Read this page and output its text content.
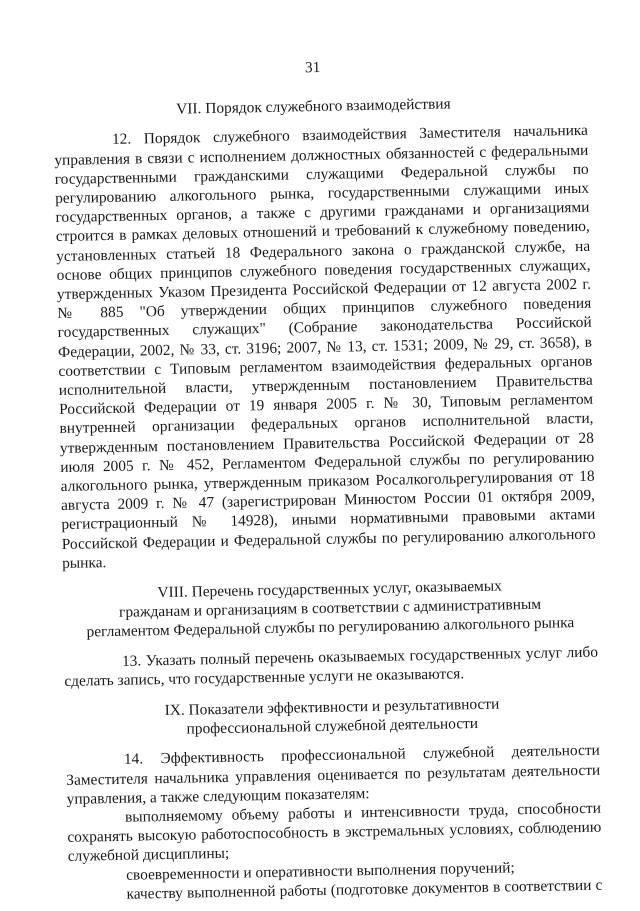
31
VII. Порядок служебного взаимодействия
12. Порядок служебного взаимодействия Заместителя начальника
управления в связи с исполнением должностных обязанностей с федеральными
государственными гражданскими служащими Федеральной службы по
регулированию алкогольного рынка, государственными служащими иных
государственных органов, а также с другими гражданами и организациями
строится в рамках деловых отношений и требований к служебному поведению,
установленных статьей 18 Федерального закона о гражданской службе, на
основе общих принципов служебного поведения государственных служащих,
утвержденных Указом Президента Российской Федерации от 12 августа 2002 г.
№ 885 "Об утверждении общих принципов служебного поведения
государственных служащих" (Собрание законодательства Российской
Федерации, 2002, № 33, ст. 3196; 2007, № 13, ст. 1531; 2009, № 29, ст. 3658), в
соответствии с Типовым регламентом взаимодействия федеральных органов
исполнительной власти, утвержденным постановлением Правительства
Российской Федерации от 19 января 2005 г. № 30, Типовым регламентом
внутренней организации федеральных органов исполнительной власти,
утвержденным постановлением Правительства Российской Федерации от 28
июля 2005 г. № 452, Регламентом Федеральной службы по регулированию
алкогольного рынка, утвержденным приказом Росалкогольрегулирования от 18
августа 2009 г. № 47 (зарегистрирован Минюстом России 01 октября 2009,
регистрационный № 14928), иными нормативными правовыми актами
Российской Федерации и Федеральной службы по регулированию алкогольного
рынка.
VIII. Перечень государственных услуг, оказываемых
гражданам и организациям в соответствии с административным
регламентом Федеральной службы по регулированию алкогольного рынка
13. Указать полный перечень оказываемых государственных услуг либо
сделать запись, что государственные услуги не оказываются.
IX. Показатели эффективности и результативности
профессиональной служебной деятельности
14. Эффективность профессиональной служебной деятельности
Заместителя начальника управления оценивается по результатам деятельности
управления, а также следующим показателям:
выполняемому объему работы и интенсивности труда, способности
сохранять высокую работоспособность в экстремальных условиях, соблюдению
служебной дисциплины;
своевременности и оперативности выполнения поручений;
качеству выполненной работы (подготовке документов в соответствии с
